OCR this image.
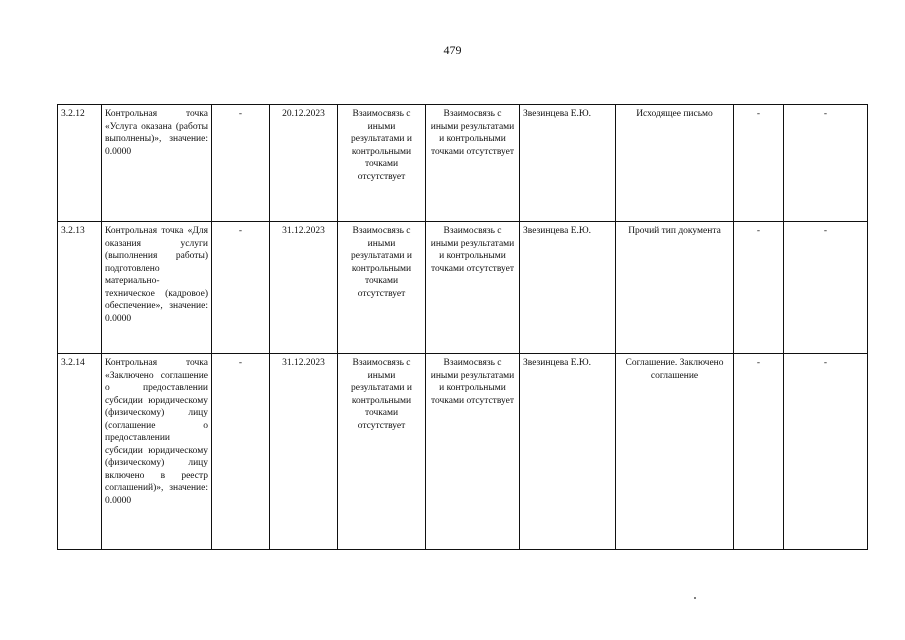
479
3.2.12	Контрольная точка «Услуга оказана (работы выполнены)», значение: 0.0000	-	20.12.2023	Взаимосвязь с иными результатами и контрольными точками отсутствует	Взаимосвязь с иными результатами и контрольными точками отсутствует	Звезинцева Е.Ю.	Исходящее письмо	-	-
3.2.13	Контрольная точка «Для оказания услуги (выполнения работы) подготовлено материально-техническое (кадровое) обеспечение», значение: 0.0000	-	31.12.2023	Взаимосвязь с иными результатами и контрольными точками отсутствует	Взаимосвязь с иными результатами и контрольными точками отсутствует	Звезинцева Е.Ю.	Прочий тип документа	-	-
3.2.14	Контрольная точка «Заключено соглашение о предоставлении субсидии юридическому (физическому) лицу (соглашение о предоставлении субсидии юридическому (физическому) лицу включено в реестр соглашений)», значение: 0.0000	-	31.12.2023	Взаимосвязь с иными результатами и контрольными точками отсутствует	Взаимосвязь с иными результатами и контрольными точками отсутствует	Звезинцева Е.Ю.	Соглашение. Заключено соглашение	-	-
